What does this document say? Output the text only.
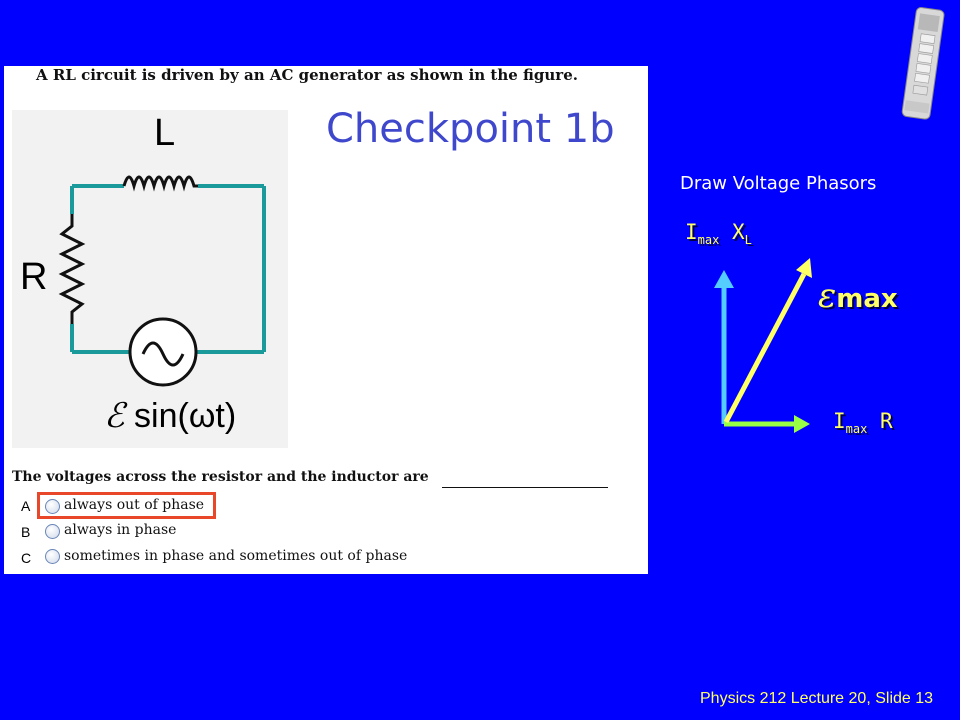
A RL circuit is driven by an AC generator as shown in the figure.
L
R
ℰ sin(ωt)
Checkpoint 1b
The voltages across the resistor and the inductor are
A always out of phase
B always in phase
C sometimes in phase and sometimes out of phase
Draw Voltage Phasors
$I_{max}$ $X_L$
εmax
$I_{max}$ R
Physics 212 Lecture 20, Slide 13
